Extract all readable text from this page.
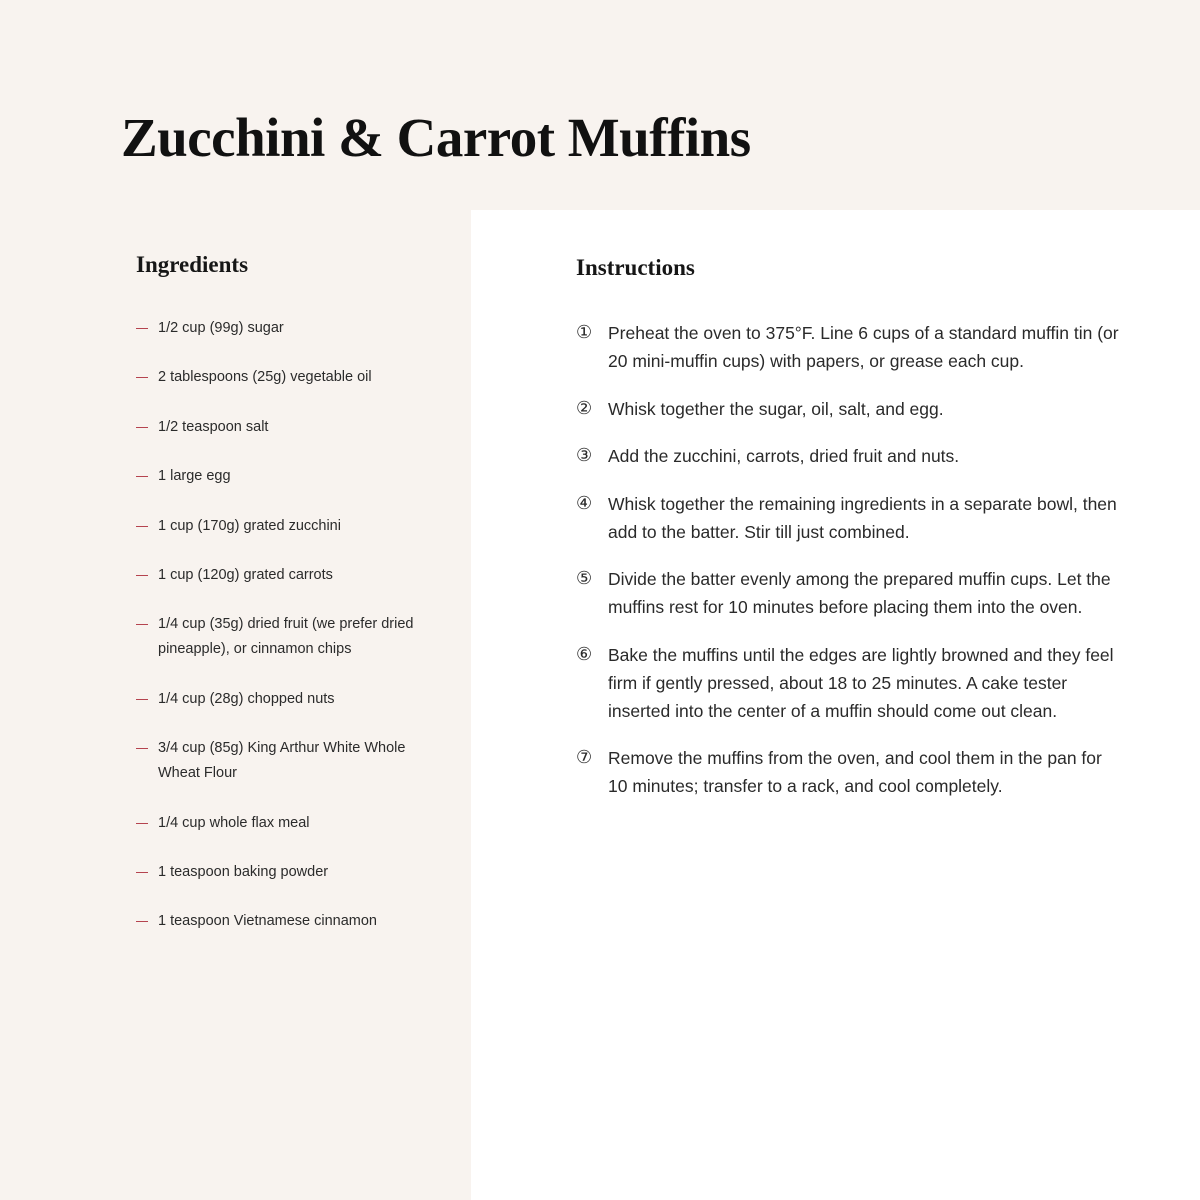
Zucchini & Carrot Muffins
Ingredients
1/2 cup (99g) sugar
2 tablespoons (25g) vegetable oil
1/2 teaspoon salt
1 large egg
1 cup (170g) grated zucchini
1 cup (120g) grated carrots
1/4 cup (35g) dried fruit (we prefer dried pineapple), or cinnamon chips
1/4 cup (28g) chopped nuts
3/4 cup (85g) King Arthur White Whole Wheat Flour
1/4 cup whole flax meal
1 teaspoon baking powder
1 teaspoon Vietnamese cinnamon
Instructions
① Preheat the oven to 375°F. Line 6 cups of a standard muffin tin (or 20 mini-muffin cups) with papers, or grease each cup.
② Whisk together the sugar, oil, salt, and egg.
③ Add the zucchini, carrots, dried fruit and nuts.
④ Whisk together the remaining ingredients in a separate bowl, then add to the batter. Stir till just combined.
⑤ Divide the batter evenly among the prepared muffin cups. Let the muffins rest for 10 minutes before placing them into the oven.
⑥ Bake the muffins until the edges are lightly browned and they feel firm if gently pressed, about 18 to 25 minutes. A cake tester inserted into the center of a muffin should come out clean.
⑦ Remove the muffins from the oven, and cool them in the pan for 10 minutes; transfer to a rack, and cool completely.
